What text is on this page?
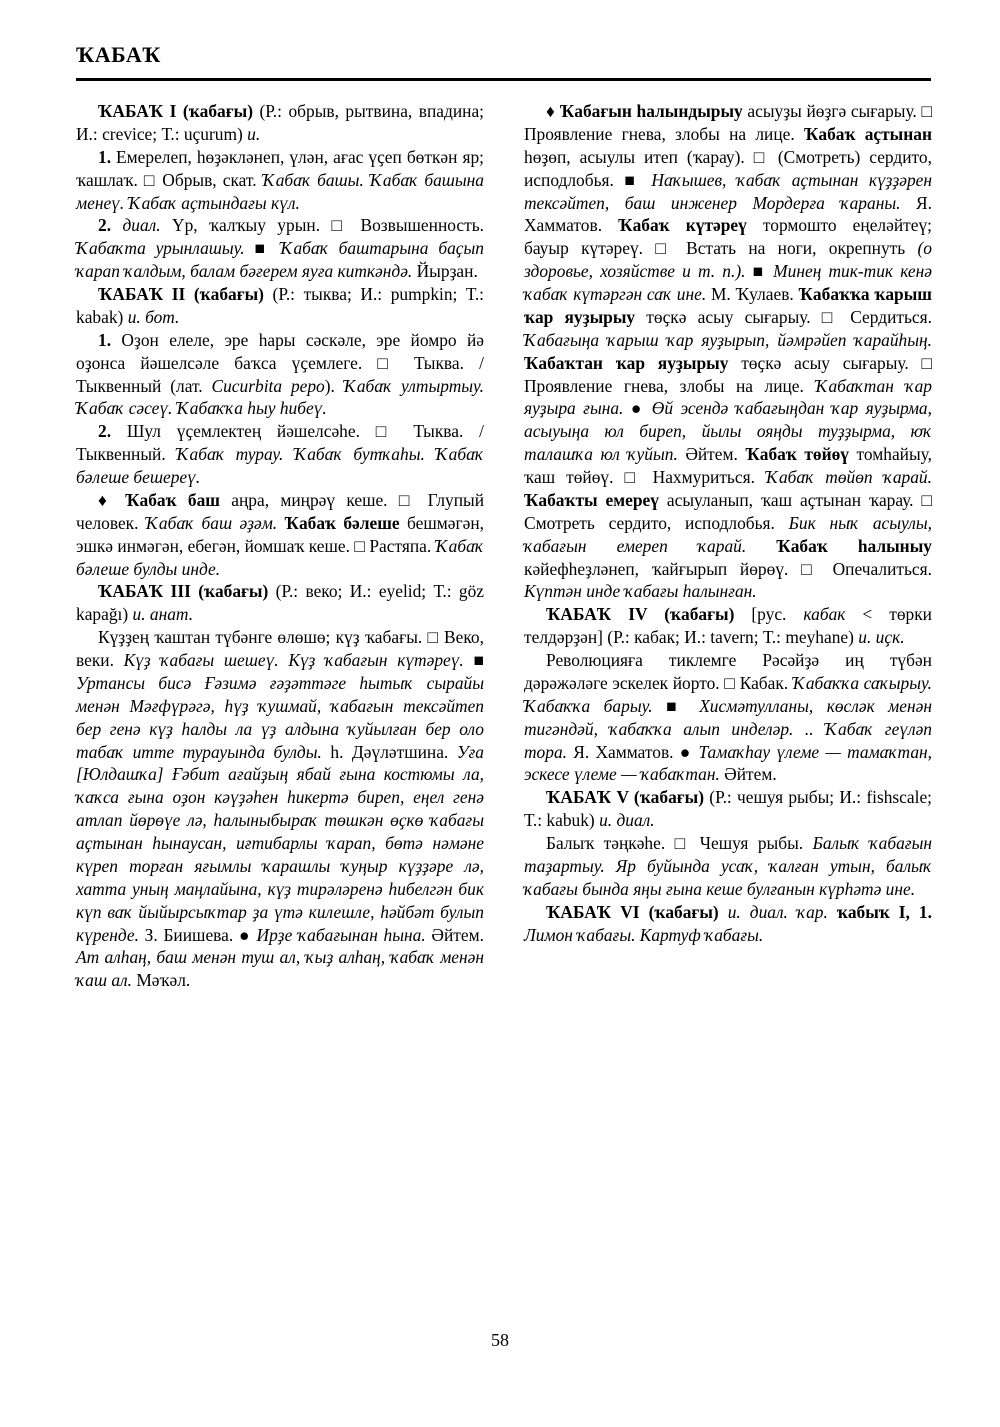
ҠАБАҠ

ҠАБАҠ I (ҡабағы) (Р.: обрыв, рытвина, впадина; И.: crevice; Т.: uçurum) и.

1. Емерелеп, һөҙәкләнеп, үлән, ағас үҫеп бөткән яр; ҡашлаҡ. □ Обрыв, скат. Ҡабаҡ башы. Ҡабаҡ башына менеү. Ҡабаҡ аҫтындағы күл.

2. диал. Үр, ҡалҡыу урын. □ Возвышенность. Ҡабаҡта урынлашыу. ■ Ҡабаҡ баштарына баҫып ҡарап ҡалдым, балам бәғерем яуға киткәндә. Йырҙан.

ҠАБАҠ II (ҡабағы) (Р.: тыква; И.: pumpkin; Т.: kabak) и. бот.

1. Оҙон елеле, эре һары сәскәле, эре йомро йә оҙонса йәшелсәле баҡса үҫемлеге. □ Тыква. / Тыквенный (лат. Cucurbita pepo). Ҡабаҡ ултыртыу. Ҡабаҡ сәсеү. Ҡабаҡҡа һыу һибеү.

2. Шул үҫемлектең йәшелсәһе. □	Тыква. / Тыквенный. Ҡабаҡ турау. Ҡабаҡ бутҡаһы. Ҡабаҡ бәлеше бешереү.

♦ Ҡабаҡ баш аңра, миңрәү кеше. □ Глупый человек. Ҡабаҡ баш әҙәм. Ҡабаҡ бәлеше бешмәгән, эшкә инмәгән, ебегән, йомшаҡ кеше. □ Растяпа. Ҡабаҡ бәлеше булды инде.

ҠАБАҠ III (ҡабағы) (Р.: веко; И.: eyelid; Т.: göz kapağı) и. анат.

Күҙҙең ҡаштан түбәнге өлөшө; күҙ ҡабағы. □ Веко, веки. Күҙ ҡабағы шешеү. Күҙ ҡабағын күтәреү. ■ Уртансы бисә Ғәзимә ғәҙәттәге һытыҡ сырайы менән Мәғфүрәгә, һүҙ ҡушмай, ҡабағын тексәйтеп бер генә күҙ һалды ла үҙ алдына ҡуйылған бер оло табаҡ итте турауында булды. һ. Дәүләтшина. Уға [Юлдашҡа] Ғәбит ағайҙың ябай ғына костюмы ла, ҡаҡса ғына оҙон кәүҙәһен һикертә биреп, еңел генә атлап йөрөүе лә, һалыныбыраҡ төшкән өҫкө ҡабағы аҫтынан һынаусан, иғтибарлы ҡарап, бөтә нәмәне күреп торған яғымлы ҡарашлы ҡуңыр күҙҙәре лә, хатта уның маңлайына, күҙ тирәләренә һибелгән бик күп ваҡ йыйырсыҡтар ҙа үтә килешле, һәйбәт булып күренде. З. Биишева. ● Ирҙе ҡабағынан һына. Әйтем. Ат алһаң, баш менән туш ал, ҡыҙ алһаң, ҡабаҡ менән ҡаш ал. Мәҡәл.

♦ Ҡабағын һалындырыу асыуҙы йөҙгә сығарыу. □ Проявление гнева, злобы на лице. Ҡабаҡ аҫтынан һөҙөп, асыулы итеп (ҡарау). □ (Смотреть) сердито, исподлобья. ■ Наҡышев, ҡабаҡ аҫтынан күҙҙәрен тексәйтеп, баш инженер Мордерға ҡараны. Я. Хамматов. Ҡабаҡ күтәреү тормошто еңеләйтеү; бауыр күтәреү. □ Встать на ноги, окрепнуть (о здоровье, хозяйстве и т. п.). ■ Минең тик-тик кенә ҡабаҡ күтәргән саҡ ине. М. Ҡулаев. Ҡабаҡҡа ҡарыш ҡар яуҙырыу төҫкә асыу сығарыу. □ Сердиться. Ҡабағыңа ҡарыш ҡар яуҙырып, йәмрәйеп ҡарайһың. Ҡабаҡтан ҡар яуҙырыу төҫкә асыу сығарыу. □ Проявление гнева, злобы на лице. Ҡабаҡтан ҡар яуҙыра ғына. ● Өй эсендә ҡабағыңдан ҡар яуҙырма, асыуыңа юл биреп, йылы ояңды туҙҙырма, юҡ талашҡа юл ҡуйып. Әйтем. Ҡабаҡ төйөү томһайыу, ҡаш төйөү. □ Нахмуриться. Ҡабаҡ төйөп ҡарай. Ҡабаҡты емереү асыуланып, ҡаш аҫтынан ҡарау. □ Смотреть сердито, исподлобья. Бик ныҡ асыулы, ҡабағын емереп ҡарай. Ҡабаҡ һалыныу кәйефһеҙләнеп, ҡайғырып йөрөү. □	Опечалиться. Күптән инде ҡабағы һалынған.

ҠАБАҠ IV (ҡабағы) [рус. кабак < төрки телдәрҙән] (Р.: кабак; И.: tavern; Т.: meyhane) и. иҫк.

Революцияға тиклемге Рәсәйҙә иң түбән дәрәжәләге эскелек йорто. □ Кабак. Ҡабаҡҡа саҡырыу. Ҡабаҡҡа барыу. ■	Хисмәтулланы, көсләк менән тигәндәй, ҡабаҡҡа алып инделәр. .. Ҡабаҡ геүләп тора. Я. Хамматов. ● Тамаҡһау үлеме — тамаҡтан, эскесе үлеме — ҡабаҡтан. Әйтем.

ҠАБАҠ V (ҡабағы) (Р.: чешуя рыбы; И.: fishscale; Т.: kabuk) и. диал.

Балыҡ тәңкәһе. □ Чешуя рыбы. Балыҡ ҡабағын таҙартыу. Яр буйында усаҡ, ҡалған утын, балыҡ ҡабағы бында яңы ғына кеше булғанын күрһәтә ине.

ҠАБАҠ VI (ҡабағы) и. диал. ҡар. ҡабыҡ I, 1. Лимон ҡабағы. Картуф ҡабағы.

58
